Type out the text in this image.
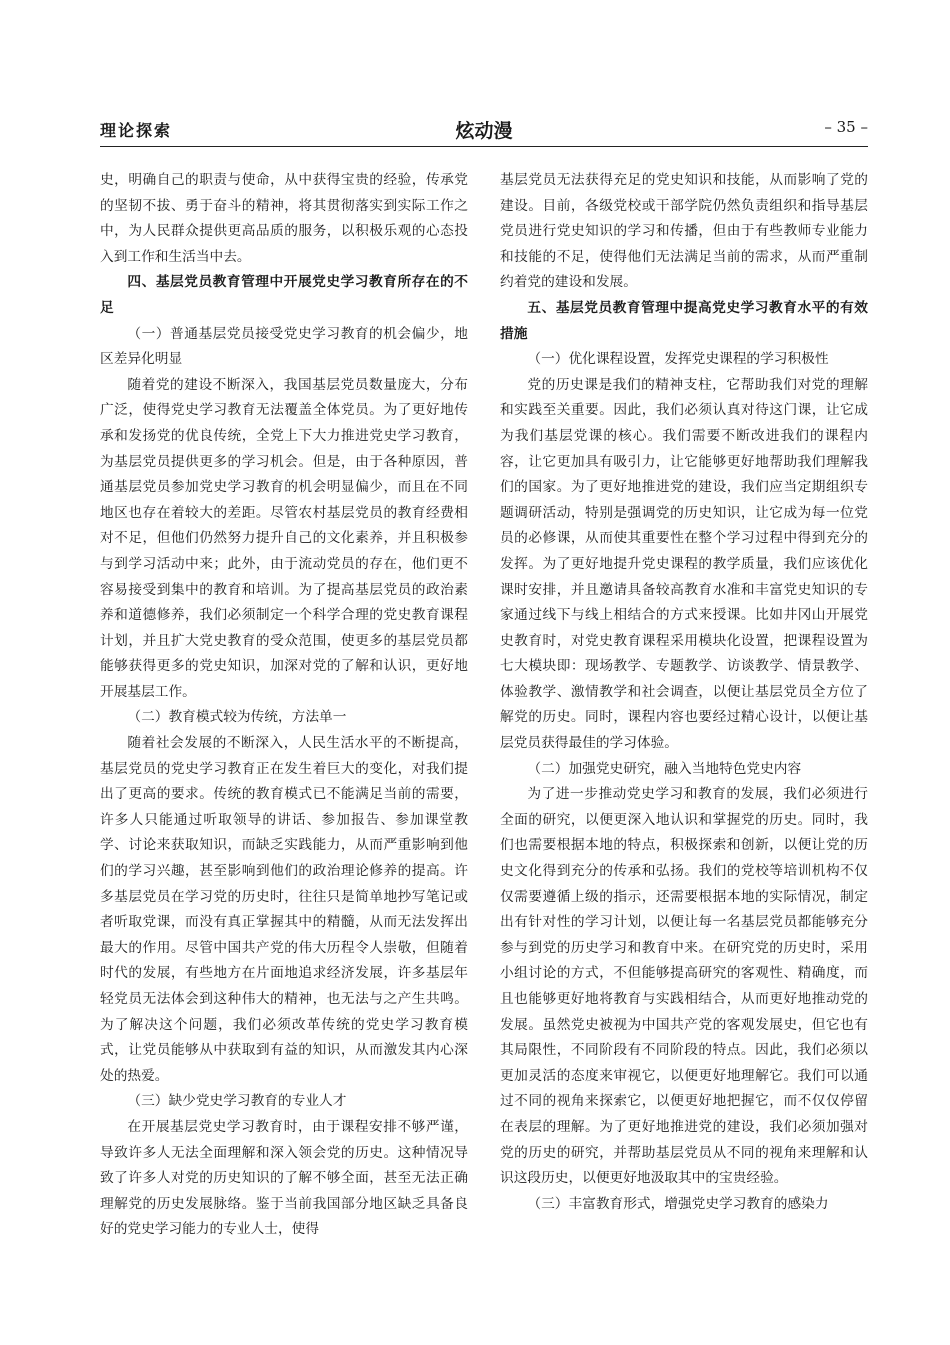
理论探索	炫动漫	– 35 –

史，明确自己的职责与使命，从中获得宝贵的经验，传承党的坚韧不拔、勇于奋斗的精神，将其贯彻落实到实际工作之中，为人民群众提供更高品质的服务，以积极乐观的心态投入到工作和生活当中去。

四、基层党员教育管理中开展党史学习教育所存在的不足
（一）普通基层党员接受党史学习教育的机会偏少，地区差异化明显

随着党的建设不断深入，我国基层党员数量庞大，分布广泛，使得党史学习教育无法覆盖全体党员。为了更好地传承和发扬党的优良传统，全党上下大力推进党史学习教育，为基层党员提供更多的学习机会。但是，由于各种原因，普通基层党员参加党史学习教育的机会明显偏少，而且在不同地区也存在着较大的差距。尽管农村基层党员的教育经费相对不足，但他们仍然努力提升自己的文化素养，并且积极参与到学习活动中来；此外，由于流动党员的存在，他们更不容易接受到集中的教育和培训。为了提高基层党员的政治素养和道德修养，我们必须制定一个科学合理的党史教育课程计划，并且扩大党史教育的受众范围，使更多的基层党员都能够获得更多的党史知识，加深对党的了解和认识，更好地开展基层工作。

（二）教育模式较为传统，方法单一

随着社会发展的不断深入，人民生活水平的不断提高，基层党员的党史学习教育正在发生着巨大的变化，对我们提出了更高的要求。传统的教育模式已不能满足当前的需要，许多人只能通过听取领导的讲话、参加报告、参加课堂教学、讨论来获取知识，而缺乏实践能力，从而严重影响到他们的学习兴趣，甚至影响到他们的政治理论修养的提高。许多基层党员在学习党的历史时，往往只是简单地抄写笔记或者听取党课，而没有真正掌握其中的精髓，从而无法发挥出最大的作用。尽管中国共产党的伟大历程令人崇敬，但随着时代的发展，有些地方在片面地追求经济发展，许多基层年轻党员无法体会到这种伟大的精神，也无法与之产生共鸣。为了解决这个问题，我们必须改革传统的党史学习教育模式，让党员能够从中获取到有益的知识，从而激发其内心深处的热爱。

（三）缺少党史学习教育的专业人才

在开展基层党史学习教育时，由于课程安排不够严谨，导致许多人无法全面理解和深入领会党的历史。这种情况导致了许多人对党的历史知识的了解不够全面，甚至无法正确理解党的历史发展脉络。鉴于当前我国部分地区缺乏具备良好的党史学习能力的专业人士，使得

基层党员无法获得充足的党史知识和技能，从而影响了党的建设。目前，各级党校或干部学院仍然负责组织和指导基层党员进行党史知识的学习和传播，但由于有些教师专业能力和技能的不足，使得他们无法满足当前的需求，从而严重制约着党的建设和发展。

五、基层党员教育管理中提高党史学习教育水平的有效措施
（一）优化课程设置，发挥党史课程的学习积极性

党的历史课是我们的精神支柱，它帮助我们对党的理解和实践至关重要。因此，我们必须认真对待这门课，让它成为我们基层党课的核心。我们需要不断改进我们的课程内容，让它更加具有吸引力，让它能够更好地帮助我们理解我们的国家。为了更好地推进党的建设，我们应当定期组织专题调研活动，特别是强调党的历史知识，让它成为每一位党员的必修课，从而使其重要性在整个学习过程中得到充分的发挥。为了更好地提升党史课程的教学质量，我们应该优化课时安排，并且邀请具备较高教育水准和丰富党史知识的专家通过线下与线上相结合的方式来授课。比如井冈山开展党史教育时，对党史教育课程采用模块化设置，把课程设置为七大模块即：现场教学、专题教学、访谈教学、情景教学、体验教学、激情教学和社会调查，以便让基层党员全方位了解党的历史。同时，课程内容也要经过精心设计，以便让基层党员获得最佳的学习体验。

（二）加强党史研究，融入当地特色党史内容

为了进一步推动党史学习和教育的发展，我们必须进行全面的研究，以便更深入地认识和掌握党的历史。同时，我们也需要根据本地的特点，积极探索和创新，以便让党的历史文化得到充分的传承和弘扬。我们的党校等培训机构不仅仅需要遵循上级的指示，还需要根据本地的实际情况，制定出有针对性的学习计划，以便让每一名基层党员都能够充分参与到党的历史学习和教育中来。在研究党的历史时，采用小组讨论的方式，不但能够提高研究的客观性、精确度，而且也能够更好地将教育与实践相结合，从而更好地推动党的发展。虽然党史被视为中国共产党的客观发展史，但它也有其局限性，不同阶段有不同阶段的特点。因此，我们必须以更加灵活的态度来审视它，以便更好地理解它。我们可以通过不同的视角来探索它，以便更好地把握它，而不仅仅停留在表层的理解。为了更好地推进党的建设，我们必须加强对党的历史的研究，并帮助基层党员从不同的视角来理解和认识这段历史，以便更好地汲取其中的宝贵经验。

（三）丰富教育形式，增强党史学习教育的感染力
